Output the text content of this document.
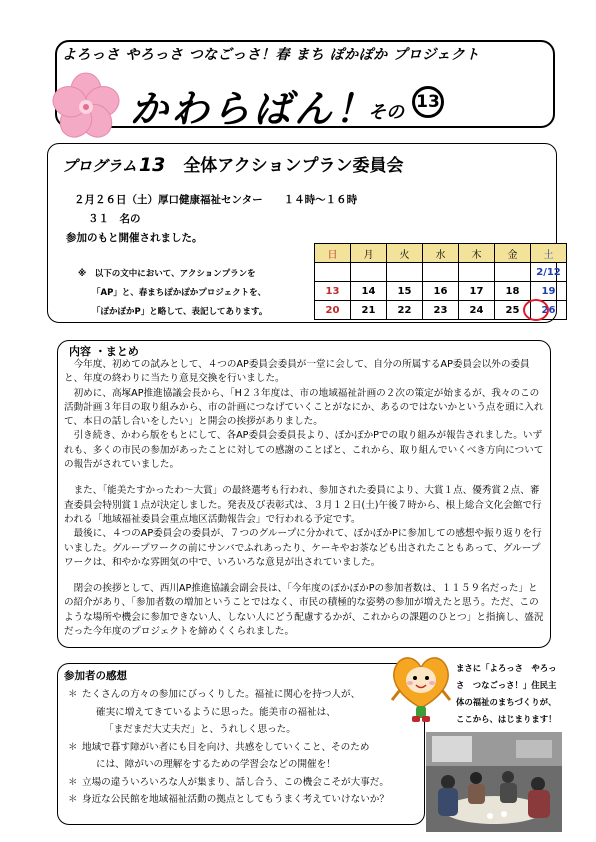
よろっさ やろっさ つなごっさ！春 まち ぽかぽか プロジェクト
かわらばん！
その 13
プログラム 13 全体アクションプラン委員会
２月２６日（土）厚口健康福祉センター　　１４時～１６時
３１　名の
参加のもと開催されました。
※　以下の文中において、アクションプランを
「AP」と、春まちぽかぽかプロジェクトを、
「ぽかぽかP」と略して、表記してあります。
日	月	火	水	木	金	土
						2/12
13	14	15	16	17	18	19
20	21	22	23	24	25	26
内容 ・まとめ

今年度、初めての試みとして、４つのAP委員会委員が一堂に会して、自分の所属するAP委員会以外の委員と、年度の終わりに当たり意見交換を行いました。

初めに、高塚AP推進協議会長から、「H２３年度は、市の地域福祉計画の２次の策定が始まるが、我々のこの活動計画３年目の取り組みから、市の計画につなげていくことがなにか、あるのではないかという点を頭に入れて、本日の話し合いをしたい」と開会の挨拶がありました。

引き続き、かわら版をもとにして、各AP委員会委員長より、ぽかぽかPでの取り組みが報告されました。いずれも、多くの市民の参加があったことに対しての感謝のことばと、これから、取り組んでいくべき方向についての報告がされていました。

また、「能美たすかったわ～大賞」の最終選考も行われ、参加された委員により、大賞１点、優秀賞２点、審査委員会特別賞１点が決定しました。発表及び表彰式は、３月１２日(土)午後７時から、根上総合文化会館で行われる「地域福祉委員会重点地区活動報告会」で行われる予定です。

最後に、４つのAP委員会の委員が、７つのグループに分かれて、ぽかぽかPに参加しての感想や振り返りを行いました。グループワークの前にサンバでふれあったり、ケーキやお茶なども出されたこともあって、グループワークは、和やかな雰囲気の中で、いろいろな意見が出されていました。

閉会の挨拶として、西川AP推進協議会副会長は、「今年度のぽかぽかPの参加者数は、１１５９名だった」との紹介があり、「参加者数の増加ということではなく、市民の積極的な姿勢の参加が増えたと思う。ただ、このような場所や機会に参加できない人、しない人にどう配慮するかが、これからの課題のひとつ」と指摘し、盛況だった今年度のプロジェクトを締めくくられました。

参加者の感想
＊ たくさんの方々の参加にびっくりした。福祉に関心を持つ人が、
確実に増えてきているように思った。能美市の福祉は、
「まだまだ大丈夫だ」と、うれしく思った。
＊ 地域で暮す障がい者にも目を向け、共感をしていくこと、そのため
には、障がいの理解をするための学習会などの開催を！
＊ 立場の違ういろいろな人が集まり、話し合う、この機会こそが大事だ。
＊ 身近な公民館を地域福祉活動の拠点としてもうまく考えていけないか？
まさに「よろっさ　やろっさ　つなごっさ！」住民主体の福祉のまちづくりが、ここから、はじまります！
